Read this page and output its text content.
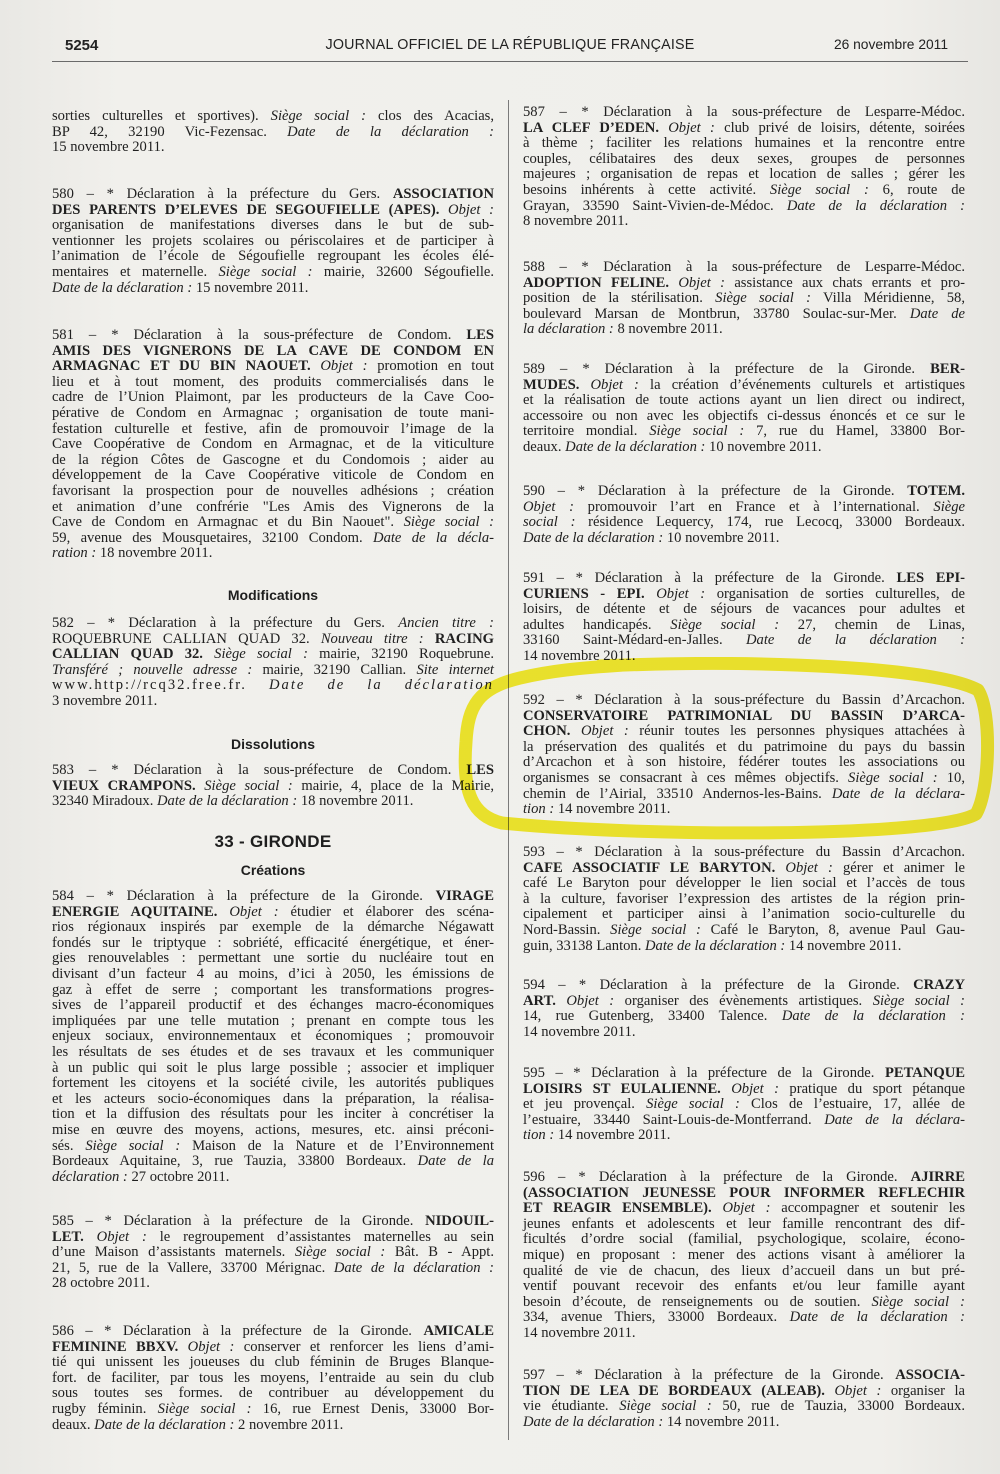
5254	JOURNAL OFFICIEL DE LA RÉPUBLIQUE FRANÇAISE	26 novembre 2011
sorties culturelles et sportives). Siège social : clos des Acacias,
BP 42, 32190 Vic-Fezensac. Date de la déclaration :
15 novembre 2011.
580 – * Déclaration à la préfecture du Gers. ASSOCIATION
DES PARENTS D’ELEVES DE SEGOUFIELLE (APES). Objet :
organisation de manifestations diverses dans le but de sub-
ventionner les projets scolaires ou périscolaires et de participer à
l’animation de l’école de Ségoufielle regroupant les écoles élé-
mentaires et maternelle. Siège social : mairie, 32600 Ségoufielle.
Date de la déclaration : 15 novembre 2011.
581 – * Déclaration à la sous-préfecture de Condom. LES
AMIS DES VIGNERONS DE LA CAVE DE CONDOM EN
ARMAGNAC ET DU BIN NAOUET. Objet : promotion en tout
lieu et à tout moment, des produits commercialisés dans le
cadre de l’Union Plaimont, par les producteurs de la Cave Coo-
pérative de Condom en Armagnac ; organisation de toute mani-
festation culturelle et festive, afin de promouvoir l’image de la
Cave Coopérative de Condom en Armagnac, et de la viticulture
de la région Côtes de Gascogne et du Condomois ; aider au
développement de la Cave Coopérative viticole de Condom en
favorisant la prospection pour de nouvelles adhésions ; création
et animation d’une confrérie "Les Amis des Vignerons de la
Cave de Condom en Armagnac et du Bin Naouet". Siège social :
59, avenue des Mousquetaires, 32100 Condom. Date de la décla-
ration : 18 novembre 2011.
Modifications
582 – * Déclaration à la préfecture du Gers. Ancien titre :
ROQUEBRUNE CALLIAN QUAD 32. Nouveau titre : RACING
CALLIAN QUAD 32. Siège social : mairie, 32190 Roquebrune.
Transféré ; nouvelle adresse : mairie, 32190 Callian. Site internet
www.http://rcq32.free.fr. Date de la déclaration
3 novembre 2011.
Dissolutions
583 – * Déclaration à la sous-préfecture de Condom. LES
VIEUX CRAMPONS. Siège social : mairie, 4, place de la Mairie,
32340 Miradoux. Date de la déclaration : 18 novembre 2011.
33 - GIRONDE
Créations
584 – * Déclaration à la préfecture de la Gironde. VIRAGE
ENERGIE AQUITAINE. Objet : étudier et élaborer des scéna-
rios régionaux inspirés par exemple de la démarche Négawatt
fondés sur le triptyque : sobriété, efficacité énergétique, et éner-
gies renouvelables : permettant une sortie du nucléaire tout en
divisant d’un facteur 4 au moins, d’ici à 2050, les émissions de
gaz à effet de serre ; comportant les transformations progres-
sives de l’appareil productif et des échanges macro-économiques
impliquées par une telle mutation ; prenant en compte tous les
enjeux sociaux, environnementaux et économiques ; promouvoir
les résultats de ses études et de ses travaux et les communiquer
à un public qui soit le plus large possible ; associer et impliquer
fortement les citoyens et la société civile, les autorités publiques
et les acteurs socio-économiques dans la préparation, la réalisa-
tion et la diffusion des résultats pour les inciter à concrétiser la
mise en œuvre des moyens, actions, mesures, etc. ainsi préconi-
sés. Siège social : Maison de la Nature et de l’Environnement
Bordeaux Aquitaine, 3, rue Tauzia, 33800 Bordeaux. Date de la
déclaration : 27 octobre 2011.
585 – * Déclaration à la préfecture de la Gironde. NIDOUIL-
LET. Objet : le regroupement d’assistantes maternelles au sein
d’une Maison d’assistants maternels. Siège social : Bât. B - Appt.
21, 5, rue de la Vallere, 33700 Mérignac. Date de la déclaration :
28 octobre 2011.
586 – * Déclaration à la préfecture de la Gironde. AMICALE
FEMININE BBXV. Objet : conserver et renforcer les liens d’ami-
tié qui unissent les joueuses du club féminin de Bruges Blanque-
fort. de faciliter, par tous les moyens, l’entraide au sein du club
sous toutes ses formes. de contribuer au développement du
rugby féminin. Siège social : 16, rue Ernest Denis, 33000 Bor-
deaux. Date de la déclaration : 2 novembre 2011.
587 – * Déclaration à la sous-préfecture de Lesparre-Médoc.
LA CLEF D’EDEN. Objet : club privé de loisirs, détente, soirées
à thème ; faciliter les relations humaines et la rencontre entre
couples, célibataires des deux sexes, groupes de personnes
majeures ; organisation de repas et location de salles ; gérer les
besoins inhérents à cette activité. Siège social : 6, route de
Grayan, 33590 Saint-Vivien-de-Médoc. Date de la déclaration :
8 novembre 2011.
588 – * Déclaration à la sous-préfecture de Lesparre-Médoc.
ADOPTION FELINE. Objet : assistance aux chats errants et pro-
position de la stérilisation. Siège social : Villa Méridienne, 58,
boulevard Marsan de Montbrun, 33780 Soulac-sur-Mer. Date de
la déclaration : 8 novembre 2011.
589 – * Déclaration à la préfecture de la Gironde. BER-
MUDES. Objet : la création d’événements culturels et artistiques
et la réalisation de toute actions ayant un lien direct ou indirect,
accessoire ou non avec les objectifs ci-dessus énoncés et ce sur le
territoire mondial. Siège social : 7, rue du Hamel, 33800 Bor-
deaux. Date de la déclaration : 10 novembre 2011.
590 – * Déclaration à la préfecture de la Gironde. TOTEM.
Objet : promouvoir l’art en France et à l’international. Siège
social : résidence Lequercy, 174, rue Lecocq, 33000 Bordeaux.
Date de la déclaration : 10 novembre 2011.
591 – * Déclaration à la préfecture de la Gironde. LES EPI-
CURIENS - EPI. Objet : organisation de sorties culturelles, de
loisirs, de détente et de séjours de vacances pour adultes et
adultes handicapés. Siège social : 27, chemin de Linas,
33160 Saint-Médard-en-Jalles. Date de la déclaration :
14 novembre 2011.
592 – * Déclaration à la sous-préfecture du Bassin d’Arcachon.
CONSERVATOIRE PATRIMONIAL DU BASSIN D’ARCA-
CHON. Objet : réunir toutes les personnes physiques attachées à
la préservation des qualités et du patrimoine du pays du bassin
d’Arcachon et à son histoire, fédérer toutes les associations ou
organismes se consacrant à ces mêmes objectifs. Siège social : 10,
chemin de l’Airial, 33510 Andernos-les-Bains. Date de la déclara-
tion : 14 novembre 2011.
593 – * Déclaration à la sous-préfecture du Bassin d’Arcachon.
CAFE ASSOCIATIF LE BARYTON. Objet : gérer et animer le
café Le Baryton pour développer le lien social et l’accès de tous
à la culture, favoriser l’expression des artistes de la région prin-
cipalement et participer ainsi à l’animation socio-culturelle du
Nord-Bassin. Siège social : Café le Baryton, 8, avenue Paul Gau-
guin, 33138 Lanton. Date de la déclaration : 14 novembre 2011.
594 – * Déclaration à la préfecture de la Gironde. CRAZY
ART. Objet : organiser des évènements artistiques. Siège social :
14, rue Gutenberg, 33400 Talence. Date de la déclaration :
14 novembre 2011.
595 – * Déclaration à la préfecture de la Gironde. PETANQUE
LOISIRS ST EULALIENNE. Objet : pratique du sport pétanque
et jeu provençal. Siège social : Clos de l’estuaire, 17, allée de
l’estuaire, 33440 Saint-Louis-de-Montferrand. Date de la déclara-
tion : 14 novembre 2011.
596 – * Déclaration à la préfecture de la Gironde. AJIRRE
(ASSOCIATION JEUNESSE POUR INFORMER REFLECHIR
ET REAGIR ENSEMBLE). Objet : accompagner et soutenir les
jeunes enfants et adolescents et leur famille rencontrant des dif-
ficultés d’ordre social (familial, psychologique, scolaire, écono-
mique) en proposant : mener des actions visant à améliorer la
qualité de vie de chacun, des lieux d’accueil dans un but pré-
ventif pouvant recevoir des enfants et/ou leur famille ayant
besoin d’écoute, de renseignements ou de soutien. Siège social :
334, avenue Thiers, 33000 Bordeaux. Date de la déclaration :
14 novembre 2011.
597 – * Déclaration à la préfecture de la Gironde. ASSOCIA-
TION DE LEA DE BORDEAUX (ALEAB). Objet : organiser la
vie étudiante. Siège social : 50, rue de Tauzia, 33000 Bordeaux.
Date de la déclaration : 14 novembre 2011.
